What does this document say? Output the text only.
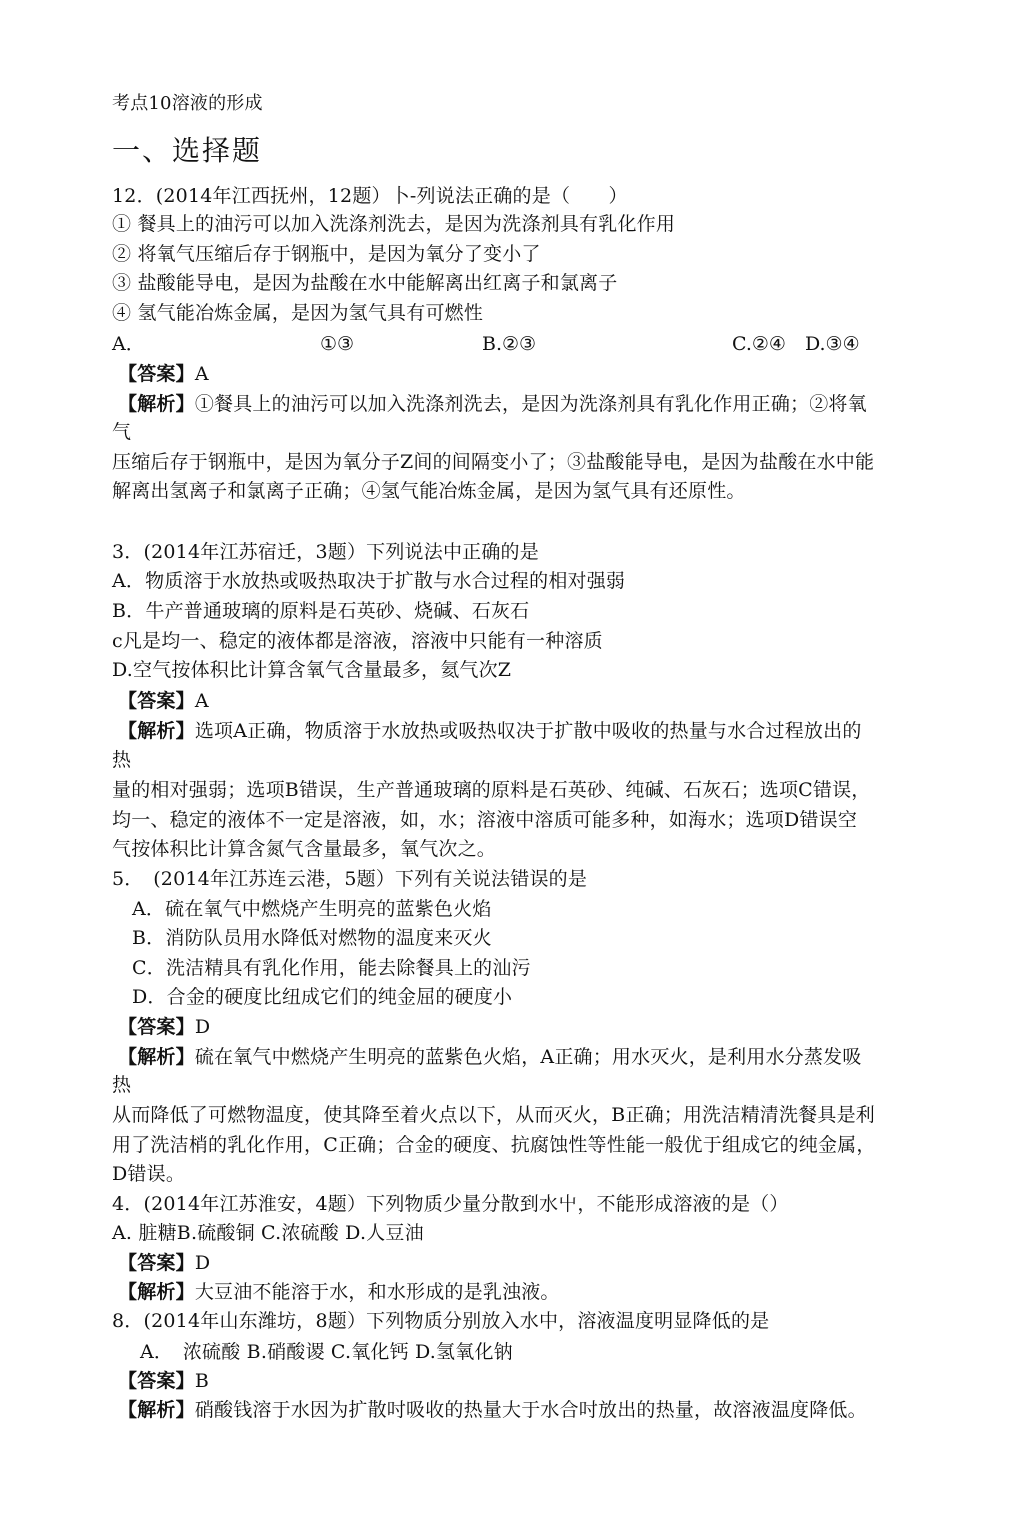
考点10溶液的形成
一、选择题
12．(2014年江西抚州，12题）卜-列说法正确的是（　　）
① 餐具上的油污可以加入洗涤剂洗去，是因为洗涤剂具有乳化作用
② 将氧气压缩后存于钢瓶中，是因为氧分了变小了
③ 盐酸能导电，是因为盐酸在水中能解离出红离子和氯离子
④ 氢气能冶炼金属，是因为氢气具有可燃性
A．	①③	B.②③	C.②④　D.③④
【答案】A
【解析】①餐具上的油污可以加入洗涤剂洗去，是因为洗涤剂具有乳化作用正确；②将氧
气
压缩后存于钢瓶中，是因为氧分子Z间的间隔变小了；③盐酸能导电，是因为盐酸在水中能
解离出氢离子和氯离子正确；④氢气能冶炼金属，是因为氢气具有还原性。
3．(2014年江苏宿迁，3题）下列说法中正确的是
A．物质溶于水放热或吸热取决于扩散与水合过程的相对强弱
B．牛产普通玻璃的原料是石英砂、烧碱、石灰石
c凡是均一、稳定的液体都是溶液，溶液中只能有一种溶质
D.空气按体积比计算含氧气含量最多，氦气次Z
【答案】A
【解析】选项A正确，物质溶于水放热或吸热収决于扩散中吸收的热量与水合过程放出的
热
量的相对强弱；选项B错误，生产普通玻璃的原料是石英砂、纯碱、石灰石；选项C错误，
均一、稳定的液体不一定是溶液，如，水；溶液中溶质可能多种，如海水；选项D错误空
气按体积比计算含氮气含量最多，氧气次之。
5．　(2014年江苏连云港，5题）下列有关说法错误的是
A．硫在氧气中燃烧产生明亮的蓝紫色火焰
B．消防队员用水降低对燃物的温度来灭火
C．洗洁精具有乳化作用，能去除餐具上的汕污
D．合金的硬度比纽成它们的纯金屈的硬度小
【答案】D
【解析】硫在氧气中燃烧产生明亮的蓝紫色火焰，A正确；用水灭火，是利用水分蒸发吸
热
从而降低了可燃物温度，使其降至着火点以下，从而灭火，B正确；用洗洁精清洗餐具是利
用了洗洁梢的乳化作用，C正确；合金的硬度、抗腐蚀性等性能一般优于组成它的纯金属，
D错误。
4．(2014年江苏淮安，4题）下列物质少量分散到水屮，不能形成溶液的是（）
A. 脏糖B.硫酸铜 C.浓硫酸 D.人豆油
【答案】D
【解析】大豆油不能溶于水，和水形成的是乳浊液。
8．(2014年山东潍坊，8题）下列物质分别放入水中，溶液温度明显降低的是
A．　浓硫酸 B.硝酸谡 C.氧化钙 D.氢氧化钠
【答案】B
【解析】硝酸钱溶于水因为扩散吋吸收的热量大于水合吋放出的热量，故溶液温度降低。
